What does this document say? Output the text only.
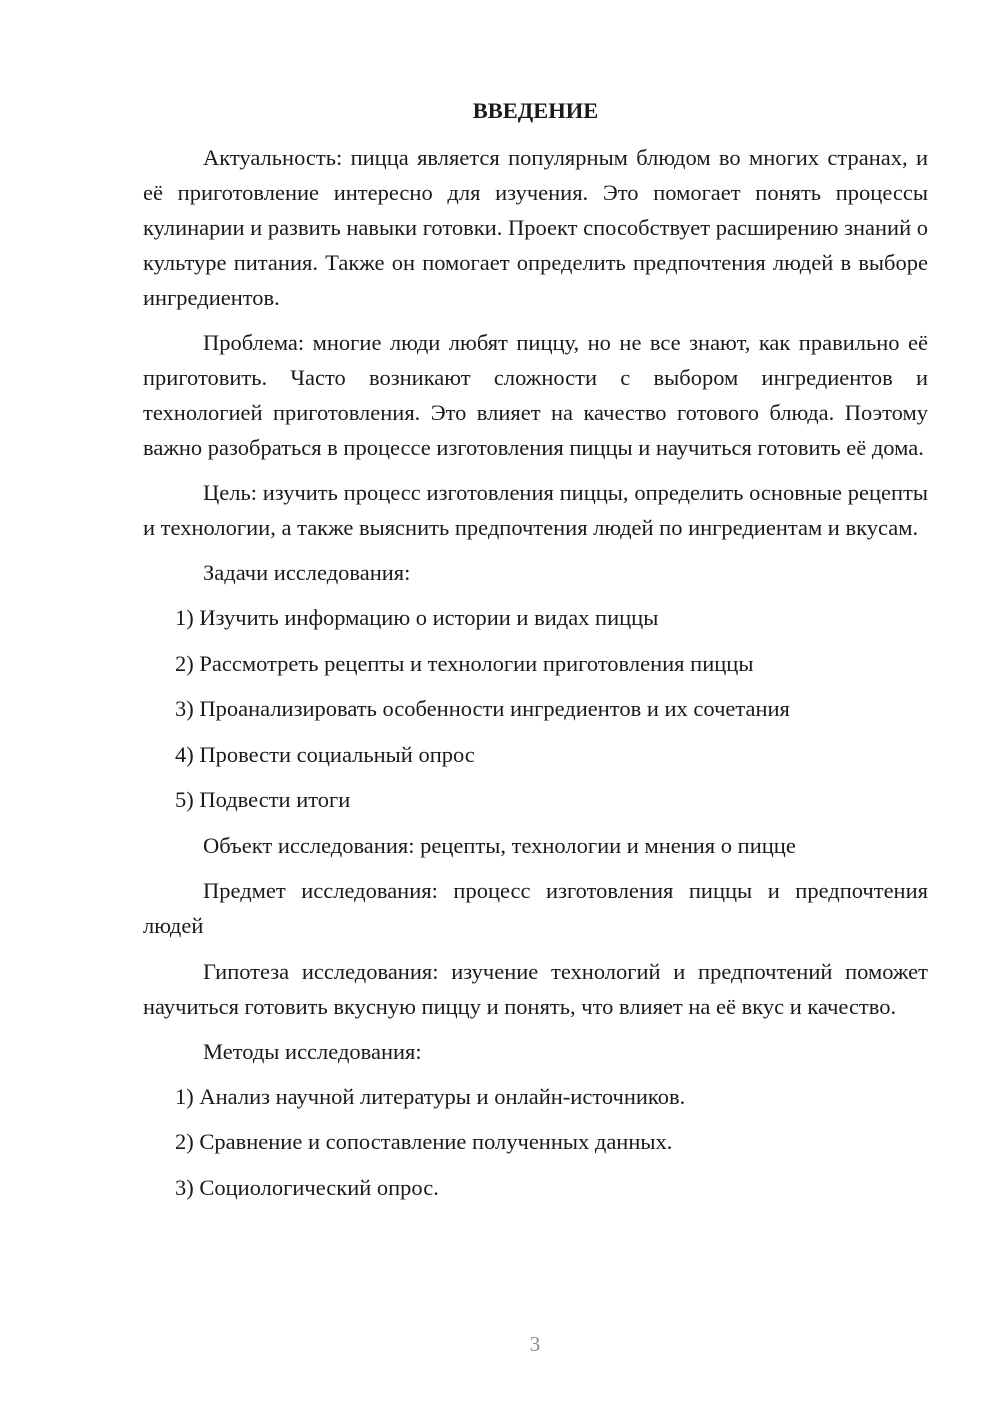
ВВЕДЕНИЕ

Актуальность: пицца является популярным блюдом во многих странах, и её приготовление интересно для изучения. Это помогает понять процессы кулинарии и развить навыки готовки. Проект способствует расширению знаний о культуре питания. Также он помогает определить предпочтения людей в выборе ингредиентов.

Проблема: многие люди любят пиццу, но не все знают, как правильно её приготовить. Часто возникают сложности с выбором ингредиентов и технологией приготовления. Это влияет на качество готового блюда. Поэтому важно разобраться в процессе изготовления пиццы и научиться готовить её дома.

Цель: изучить процесс изготовления пиццы, определить основные рецепты и технологии, а также выяснить предпочтения людей по ингредиентам и вкусам.

Задачи исследования:
1) Изучить информацию о истории и видах пиццы
2) Рассмотреть рецепты и технологии приготовления пиццы
3) Проанализировать особенности ингредиентов и их сочетания
4) Провести социальный опрос
5) Подвести итоги
Объект исследования: рецепты, технологии и мнения о пицце

Предмет исследования: процесс изготовления пиццы и предпочтения людей

Гипотеза исследования: изучение технологий и предпочтений поможет научиться готовить вкусную пиццу и понять, что влияет на её вкус и качество.

Методы исследования:
1) Анализ научной литературы и онлайн-источников.
2) Сравнение и сопоставление полученных данных.
3) Социологический опрос.
3
